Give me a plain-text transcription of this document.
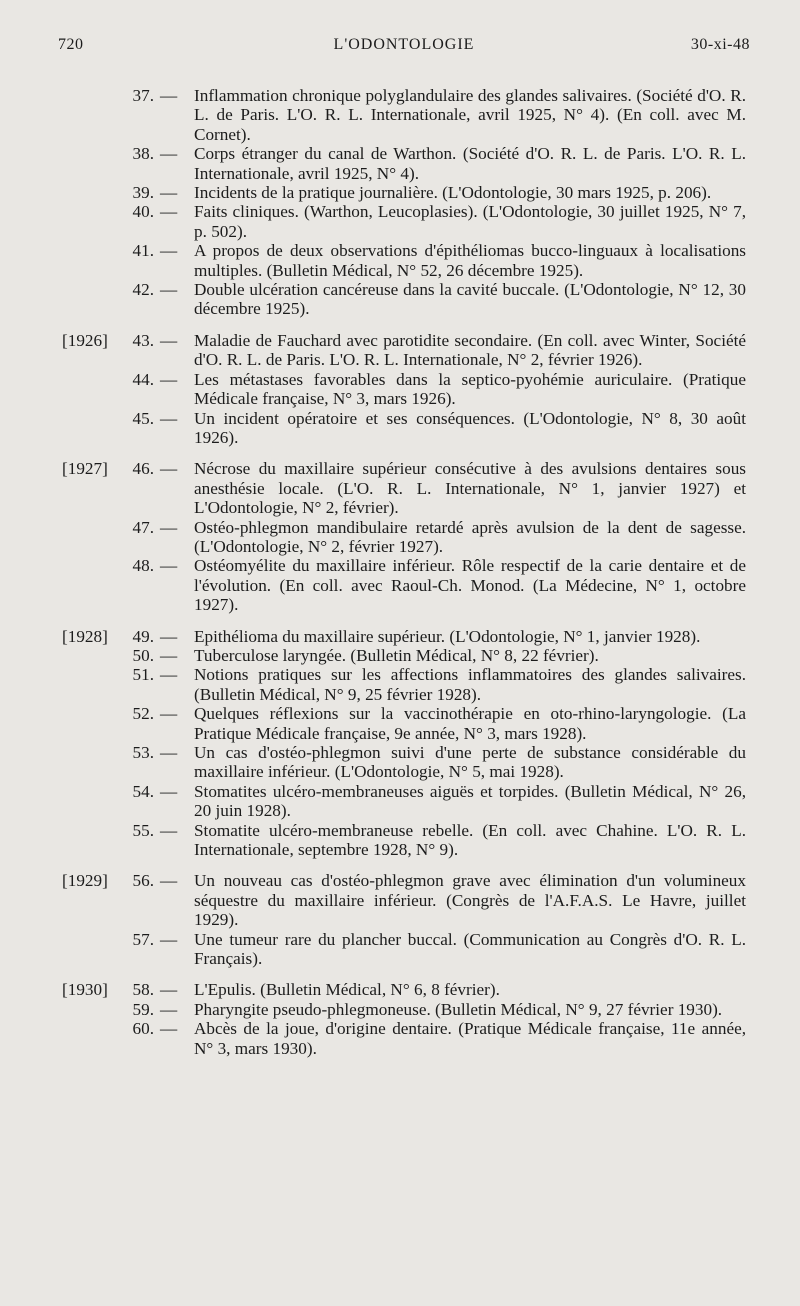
720	L'ODONTOLOGIE	30-xi-48
37. — Inflammation chronique polyglandulaire des glandes salivaires. (Société d'O. R. L. de Paris. L'O. R. L. Internationale, avril 1925, N° 4). (En coll. avec M. Cornet).
38. — Corps étranger du canal de Warthon. (Société d'O. R. L. de Paris. L'O. R. L. Internationale, avril 1925, N° 4).
39. — Incidents de la pratique journalière. (L'Odontologie, 30 mars 1925, p. 206).
40. — Faits cliniques. (Warthon, Leucoplasies). (L'Odontologie, 30 juillet 1925, N° 7, p. 502).
41. — A propos de deux observations d'épithéliomas bucco-linguaux à localisations multiples. (Bulletin Médical, N° 52, 26 décembre 1925).
42. — Double ulcération cancéreuse dans la cavité buccale. (L'Odontologie, N° 12, 30 décembre 1925).
[1926]	43. — Maladie de Fauchard avec parotidite secondaire. (En coll. avec Winter, Société d'O. R. L. de Paris. L'O. R. L. Internationale, N° 2, février 1926).
44. — Les métastases favorables dans la septico-pyohémie auriculaire. (Pratique Médicale française, N° 3, mars 1926).
45. — Un incident opératoire et ses conséquences. (L'Odontologie, N° 8, 30 août 1926).
[1927]	46. — Nécrose du maxillaire supérieur consécutive à des avulsions dentaires sous anesthésie locale. (L'O. R. L. Internationale, N° 1, janvier 1927) et L'Odontologie, N° 2, février).
47. — Ostéo-phlegmon mandibulaire retardé après avulsion de la dent de sagesse. (L'Odontologie, N° 2, février 1927).
48. — Ostéomyélite du maxillaire inférieur. Rôle respectif de la carie dentaire et de l'évolution. (En coll. avec Raoul-Ch. Monod. (La Médecine, N° 1, octobre 1927).
[1928]	49. — Epithélioma du maxillaire supérieur. (L'Odontologie, N° 1, janvier 1928).
50. — Tuberculose laryngée. (Bulletin Médical, N° 8, 22 février).
51. — Notions pratiques sur les affections inflammatoires des glandes salivaires. (Bulletin Médical, N° 9, 25 février 1928).
52. — Quelques réflexions sur la vaccinothérapie en oto-rhino-laryngologie. (La Pratique Médicale française, 9e année, N° 3, mars 1928).
53. — Un cas d'ostéo-phlegmon suivi d'une perte de substance considérable du maxillaire inférieur. (L'Odontologie, N° 5, mai 1928).
54. — Stomatites ulcéro-membraneuses aiguës et torpides. (Bulletin Médical, N° 26, 20 juin 1928).
55. — Stomatite ulcéro-membraneuse rebelle. (En coll. avec Chahine. L'O. R. L. Internationale, septembre 1928, N° 9).
[1929]	56. — Un nouveau cas d'ostéo-phlegmon grave avec élimination d'un volumineux séquestre du maxillaire inférieur. (Congrès de l'A.F.A.S. Le Havre, juillet 1929).
57. — Une tumeur rare du plancher buccal. (Communication au Congrès d'O. R. L. Français).
[1930]	58. — L'Epulis. (Bulletin Médical, N° 6, 8 février).
59. — Pharyngite pseudo-phlegmoneuse. (Bulletin Médical, N° 9, 27 février 1930).
60. — Abcès de la joue, d'origine dentaire. (Pratique Médicale française, 11e année, N° 3, mars 1930).
